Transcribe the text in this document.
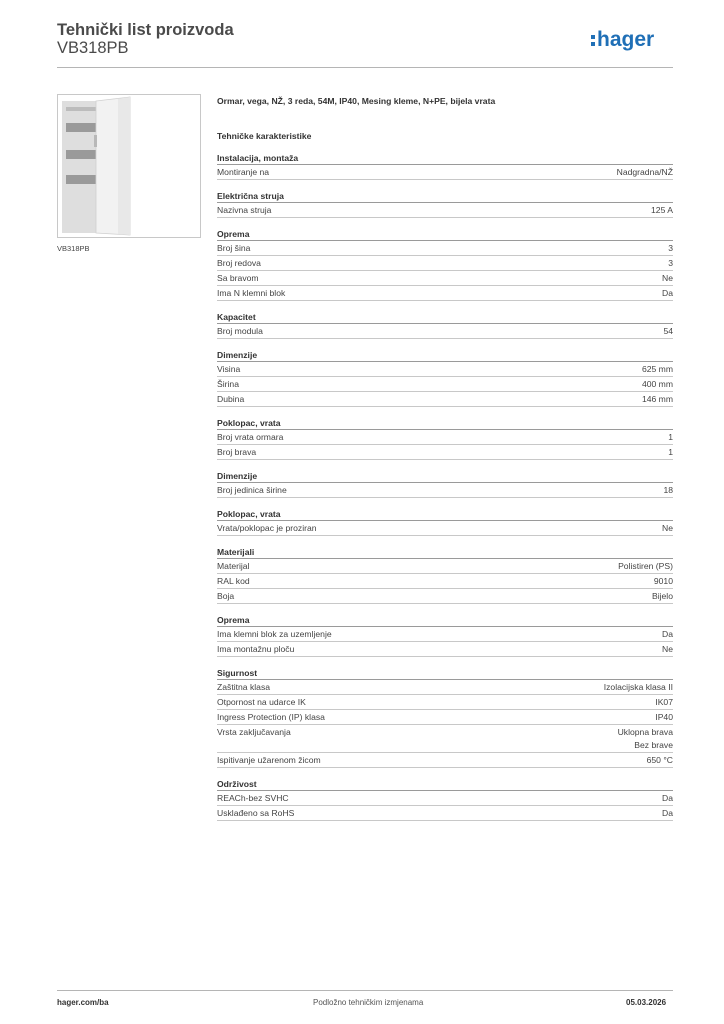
Tehnički list proizvoda
VB318PB	hager
VB318PB
Ormar, vega, NŽ, 3 reda, 54M, IP40, Mesing kleme, N+PE, bijela vrata
Tehničke karakteristike
Instalacija, montaža
Montiranje na	Nadgradna/NŽ
Električna struja
Nazivna struja	125 A
Oprema
Broj šina	3
Broj redova	3
Sa bravom	Ne
Ima N klemni blok	Da
Kapacitet
Broj modula	54
Dimenzije
Visina	625 mm
Širina	400 mm
Dubina	146 mm
Poklopac, vrata
Broj vrata ormara	1
Broj brava	1
Dimenzije
Broj jedinica širine	18
Poklopac, vrata
Vrata/poklopac je proziran	Ne
Materijali
Materijal	Polistiren (PS)
RAL kod	9010
Boja	Bijelo
Oprema
Ima klemni blok za uzemljenje	Da
Ima montažnu ploču	Ne
Sigurnost
Zaštitna klasa	Izolacijska klasa II
Otpornost na udarce IK	IK07
Ingress Protection (IP) klasa	IP40
Vrsta zaključavanja	Uklopna brava
Bez brave
Ispitivanje užarenom žicom	650 °C
Održivost
REACh-bez SVHC	Da
Usklađeno sa RoHS	Da
hager.com/ba	Podložno tehničkim izmjenama	05.03.2026
